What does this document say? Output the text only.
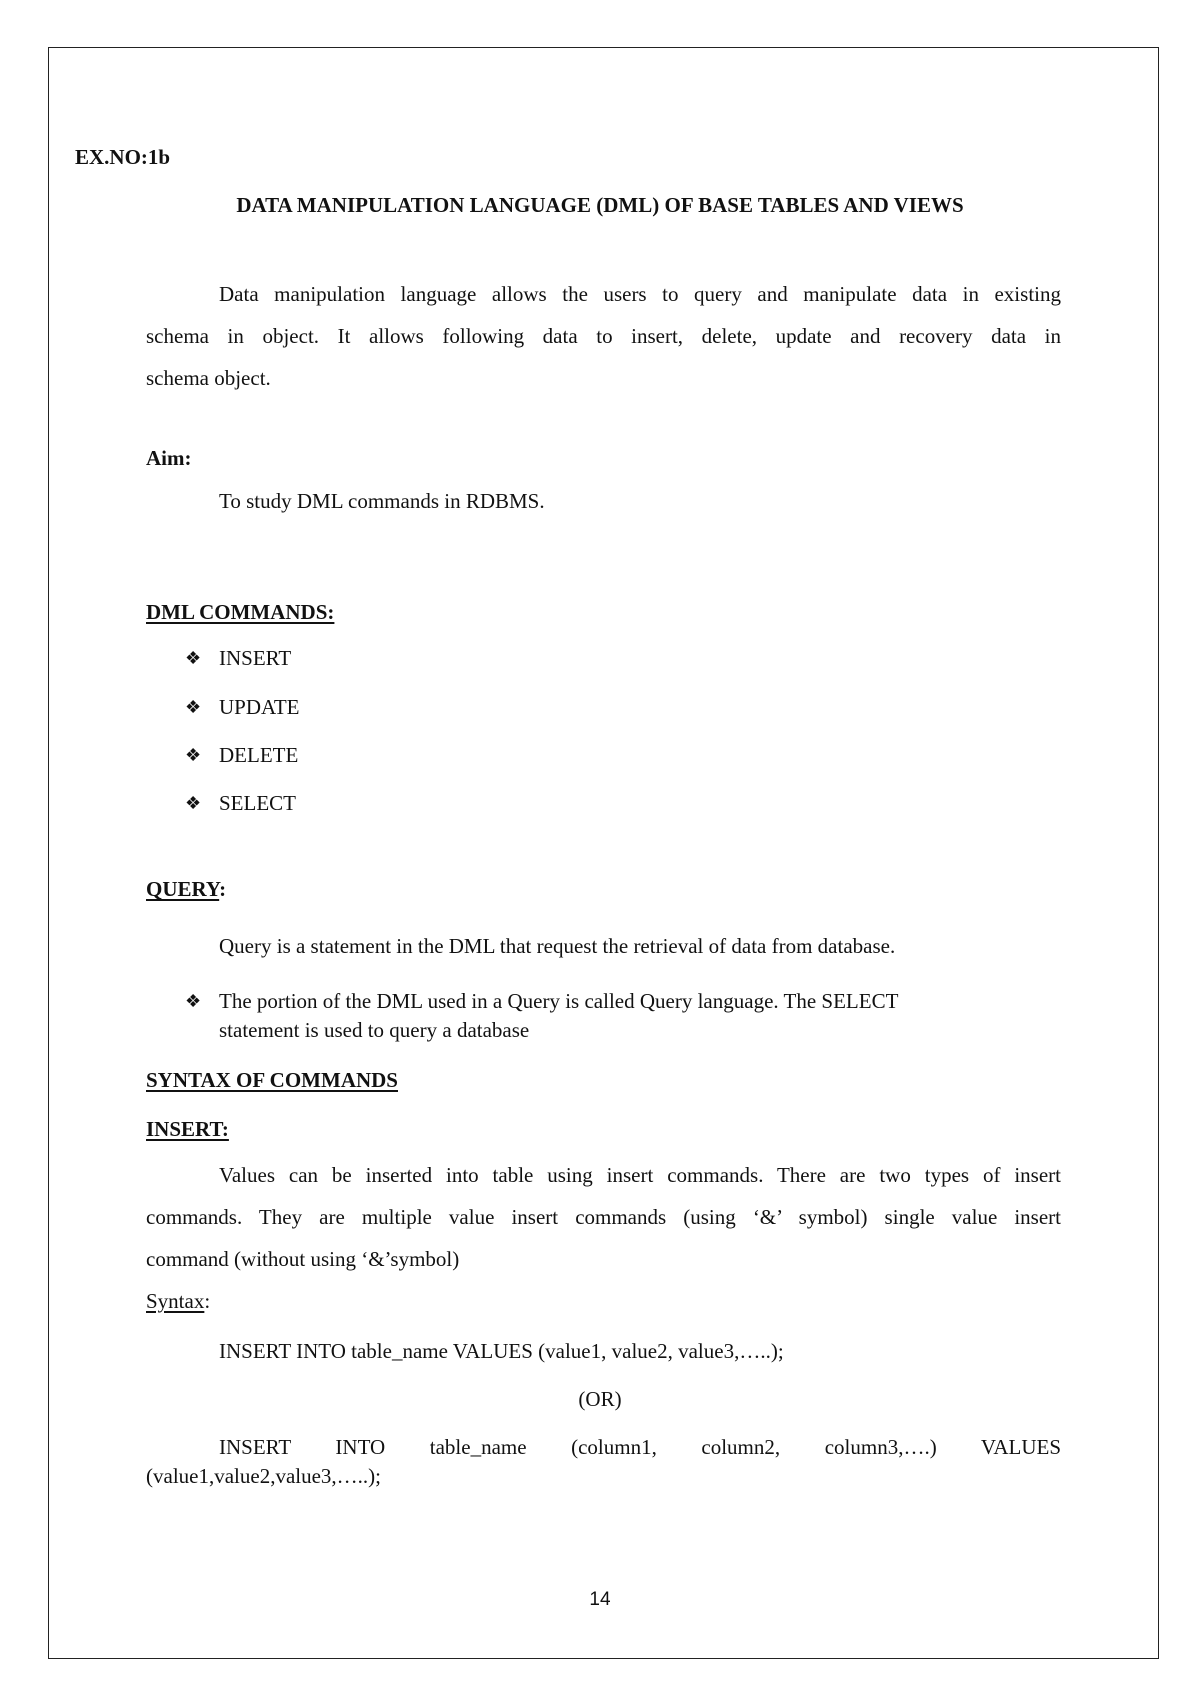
EX.NO:1b
DATA MANIPULATION LANGUAGE (DML) OF BASE TABLES AND VIEWS
Data manipulation language allows the users to query and manipulate data in existing
schema in object. It allows following data to insert, delete, update and recovery data in
schema object.
Aim:
To study DML commands in RDBMS.
DML COMMANDS:
❖ INSERT
❖ UPDATE
❖ DELETE
❖ SELECT
QUERY:
Query is a statement in the DML that request the retrieval of data from database.
❖ The portion of the DML used in a Query is called Query language. The SELECT
statement is used to query a database
SYNTAX OF COMMANDS
INSERT:
Values can be inserted into table using insert commands. There are two types of insert
commands. They are multiple value insert commands (using ‘&’ symbol) single value insert
command (without using ‘&’symbol)
Syntax:
INSERT INTO table_name VALUES (value1, value2, value3,…..);
(OR)
INSERT INTO table_name (column1, column2, column3,….) VALUES
(value1,value2,value3,…..);
14
